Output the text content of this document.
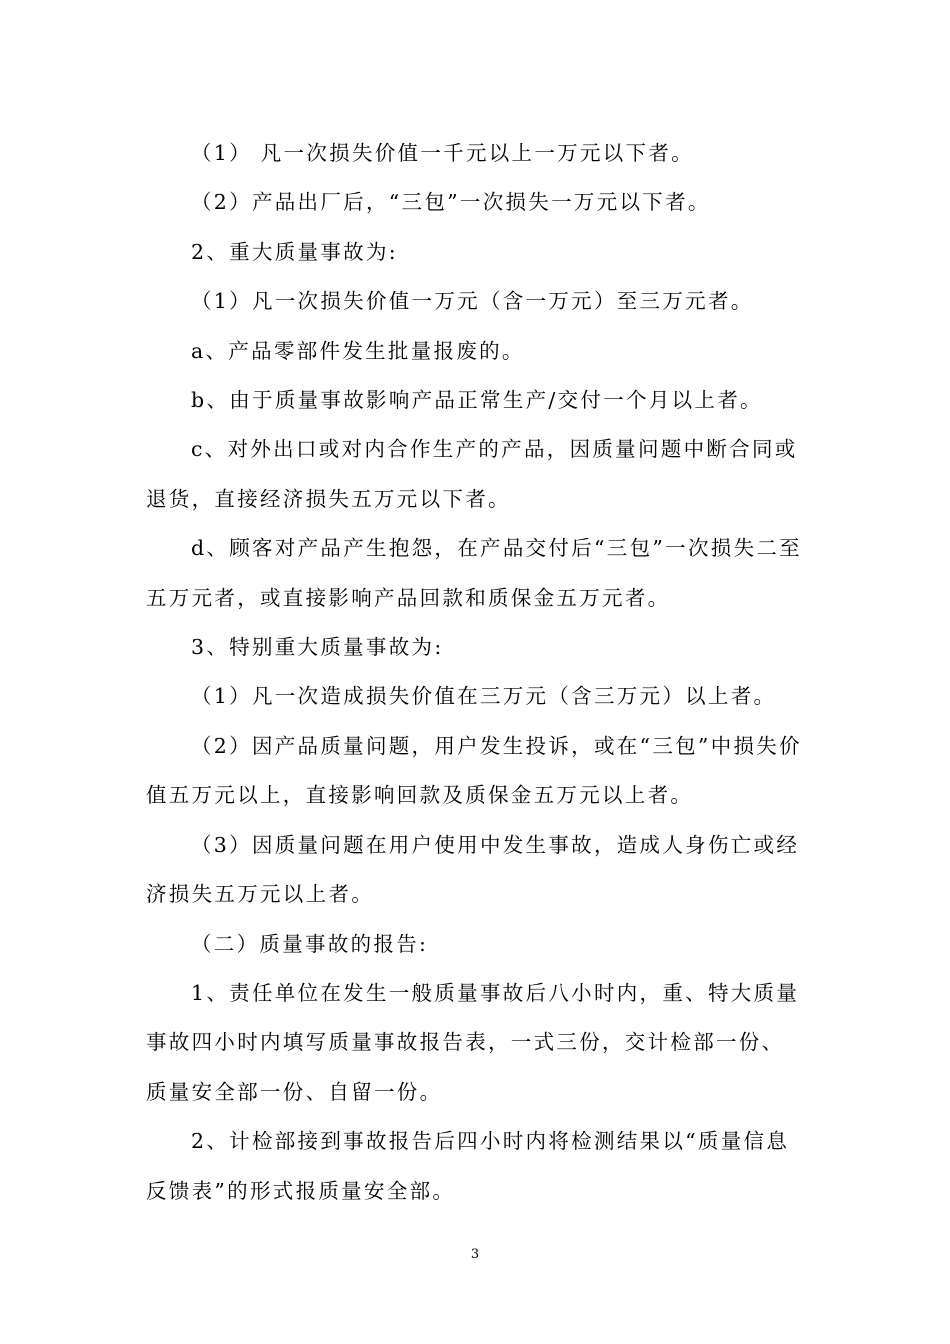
（1） 凡一次损失价值一千元以上一万元以下者。

（2）产品出厂后，“三包”一次损失一万元以下者。

2、重大质量事故为:

（1）凡一次损失价值一万元（含一万元）至三万元者。

a、产品零部件发生批量报废的。

b、由于质量事故影响产品正常生产/交付一个月以上者。

c、对外出口或对内合作生产的产品，因质量问题中断合同或退货，直接经济损失五万元以下者。

d、顾客对产品产生抱怨，在产品交付后“三包”一次损失二至五万元者，或直接影响产品回款和质保金五万元者。

3、特别重大质量事故为:

（1）凡一次造成损失价值在三万元（含三万元）以上者。

（2）因产品质量问题，用户发生投诉，或在“三包”中损失价值五万元以上，直接影响回款及质保金五万元以上者。

（3）因质量问题在用户使用中发生事故，造成人身伤亡或经济损失五万元以上者。

（二）质量事故的报告:

1、责任单位在发生一般质量事故后八小时内，重、特大质量事故四小时内填写质量事故报告表，一式三份，交计检部一份、质量安全部一份、自留一份。

2、计检部接到事故报告后四小时内将检测结果以“质量信息反馈表”的形式报质量安全部。

3
